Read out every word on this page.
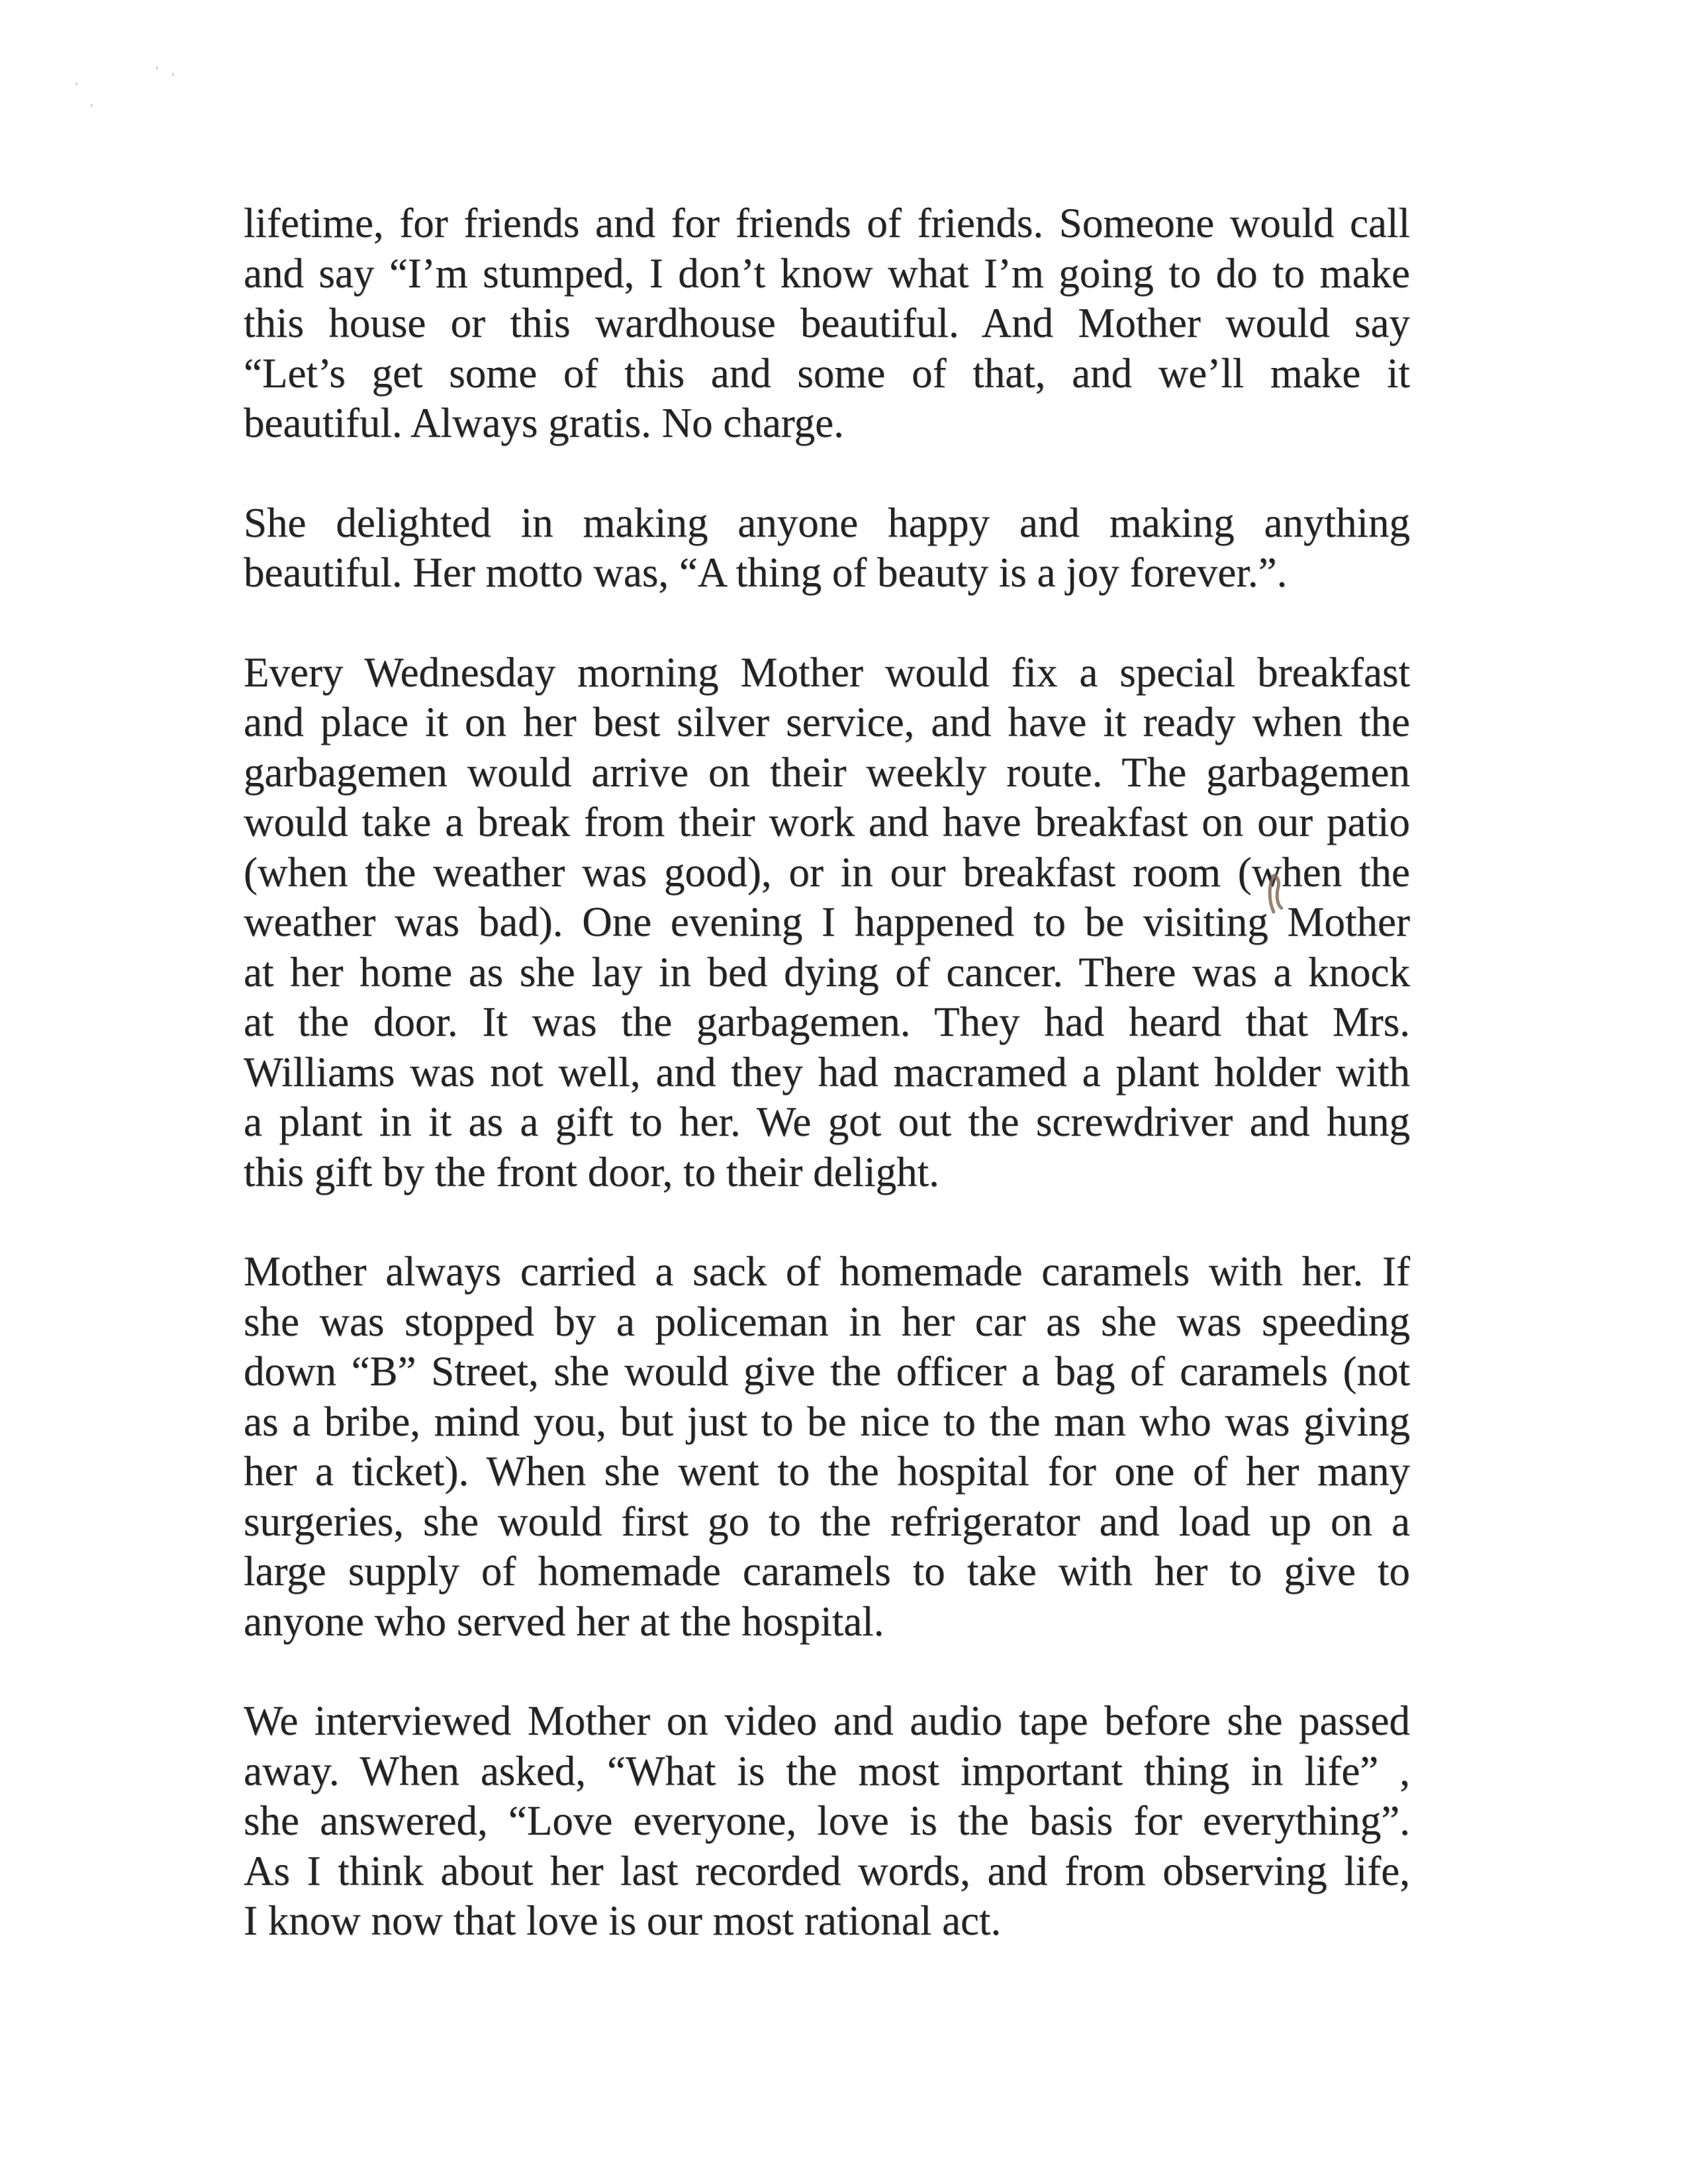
lifetime, for friends and for friends of friends. Someone would call
and say “I’m stumped, I don’t know what I’m going to do to make
this house or this wardhouse beautiful. And Mother would say
“Let’s get some of this and some of that, and we’ll make it
beautiful. Always gratis. No charge.
She delighted in making anyone happy and making anything
beautiful. Her motto was, “A thing of beauty is a joy forever.”.
Every Wednesday morning Mother would fix a special breakfast
and place it on her best silver service, and have it ready when the
garbagemen would arrive on their weekly route. The garbagemen
would take a break from their work and have breakfast on our patio
(when the weather was good), or in our breakfast room (when the
weather was bad). One evening I happened to be visiting Mother
at her home as she lay in bed dying of cancer. There was a knock
at the door. It was the garbagemen. They had heard that Mrs.
Williams was not well, and they had macramed a plant holder with
a plant in it as a gift to her. We got out the screwdriver and hung
this gift by the front door, to their delight.
Mother always carried a sack of homemade caramels with her. If
she was stopped by a policeman in her car as she was speeding
down “B” Street, she would give the officer a bag of caramels (not
as a bribe, mind you, but just to be nice to the man who was giving
her a ticket). When she went to the hospital for one of her many
surgeries, she would first go to the refrigerator and load up on a
large supply of homemade caramels to take with her to give to
anyone who served her at the hospital.
We interviewed Mother on video and audio tape before she passed
away. When asked, “What is the most important thing in life” ,
she answered, “Love everyone, love is the basis for everything”.
As I think about her last recorded words, and from observing life,
I know now that love is our most rational act.
